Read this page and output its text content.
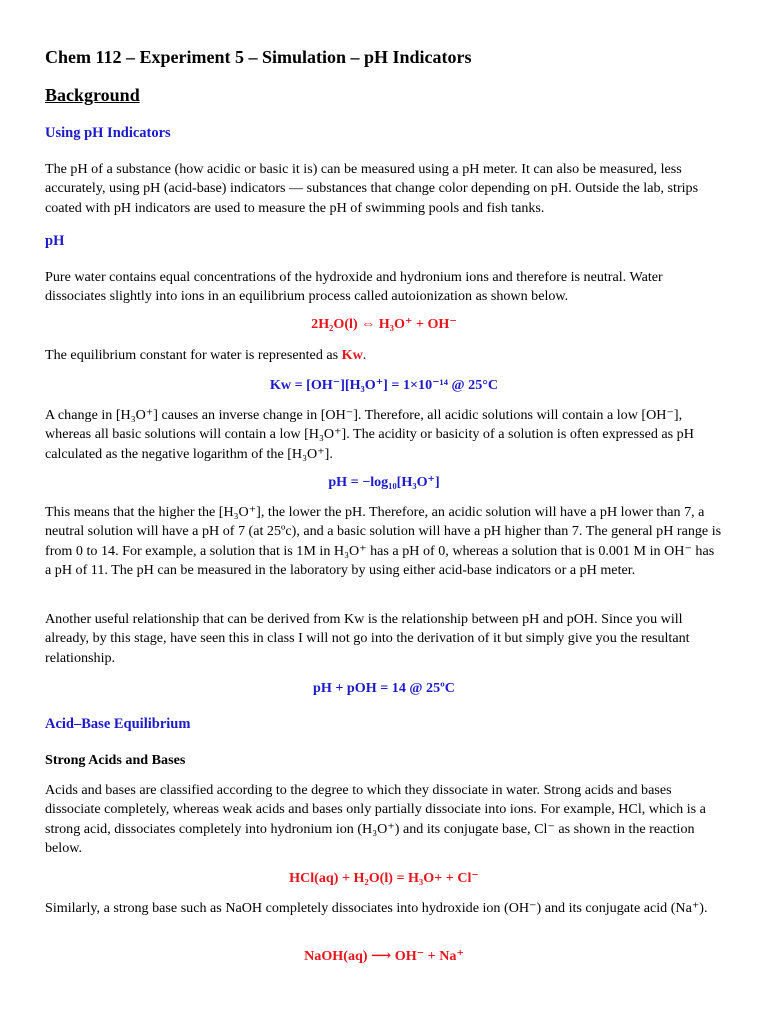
Chem 112 – Experiment 5 – Simulation – pH Indicators
Background
Using pH Indicators

The pH of a substance (how acidic or basic it is) can be measured using a pH meter. It can also be measured, less accurately, using pH (acid-base) indicators — substances that change color depending on pH. Outside the lab, strips coated with pH indicators are used to measure the pH of swimming pools and fish tanks.

pH

Pure water contains equal concentrations of the hydroxide and hydronium ions and therefore is neutral. Water dissociates slightly into ions in an equilibrium process called autoionization as shown below.

2H₂O(l) ⇔ H₃O⁺ + OH⁻

The equilibrium constant for water is represented as Kw.

Kw = [OH⁻][H₃O⁺] = 1×10⁻¹⁴ @ 25°C

A change in [H₃O⁺] causes an inverse change in [OH⁻]. Therefore, all acidic solutions will contain a low [OH⁻], whereas all basic solutions will contain a low [H₃O⁺]. The acidity or basicity of a solution is often expressed as pH calculated as the negative logarithm of the [H₃O⁺].

pH = −log₁₀[H₃O⁺]

This means that the higher the [H₃O⁺], the lower the pH. Therefore, an acidic solution will have a pH lower than 7, a neutral solution will have a pH of 7 (at 25ºc), and a basic solution will have a pH higher than 7. The general pH range is from 0 to 14. For example, a solution that is 1M in H₃O⁺ has a pH of 0, whereas a solution that is 0.001 M in OH⁻ has a pH of 11. The pH can be measured in the laboratory by using either acid-base indicators or a pH meter.

Another useful relationship that can be derived from Kw is the relationship between pH and pOH. Since you will already, by this stage, have seen this in class I will not go into the derivation of it but simply give you the resultant relationship.

pH + pOH = 14 @ 25ºC
Acid–Base Equilibrium
Strong Acids and Bases

Acids and bases are classified according to the degree to which they dissociate in water. Strong acids and bases dissociate completely, whereas weak acids and bases only partially dissociate into ions. For example, HCl, which is a strong acid, dissociates completely into hydronium ion (H₃O⁺) and its conjugate base, Cl⁻ as shown in the reaction below.

HCl(aq) + H₂O(l) = H₃O+ + Cl⁻

Similarly, a strong base such as NaOH completely dissociates into hydroxide ion (OH⁻) and its conjugate acid (Na⁺).

NaOH(aq) ⟶ OH⁻ + Na⁺
